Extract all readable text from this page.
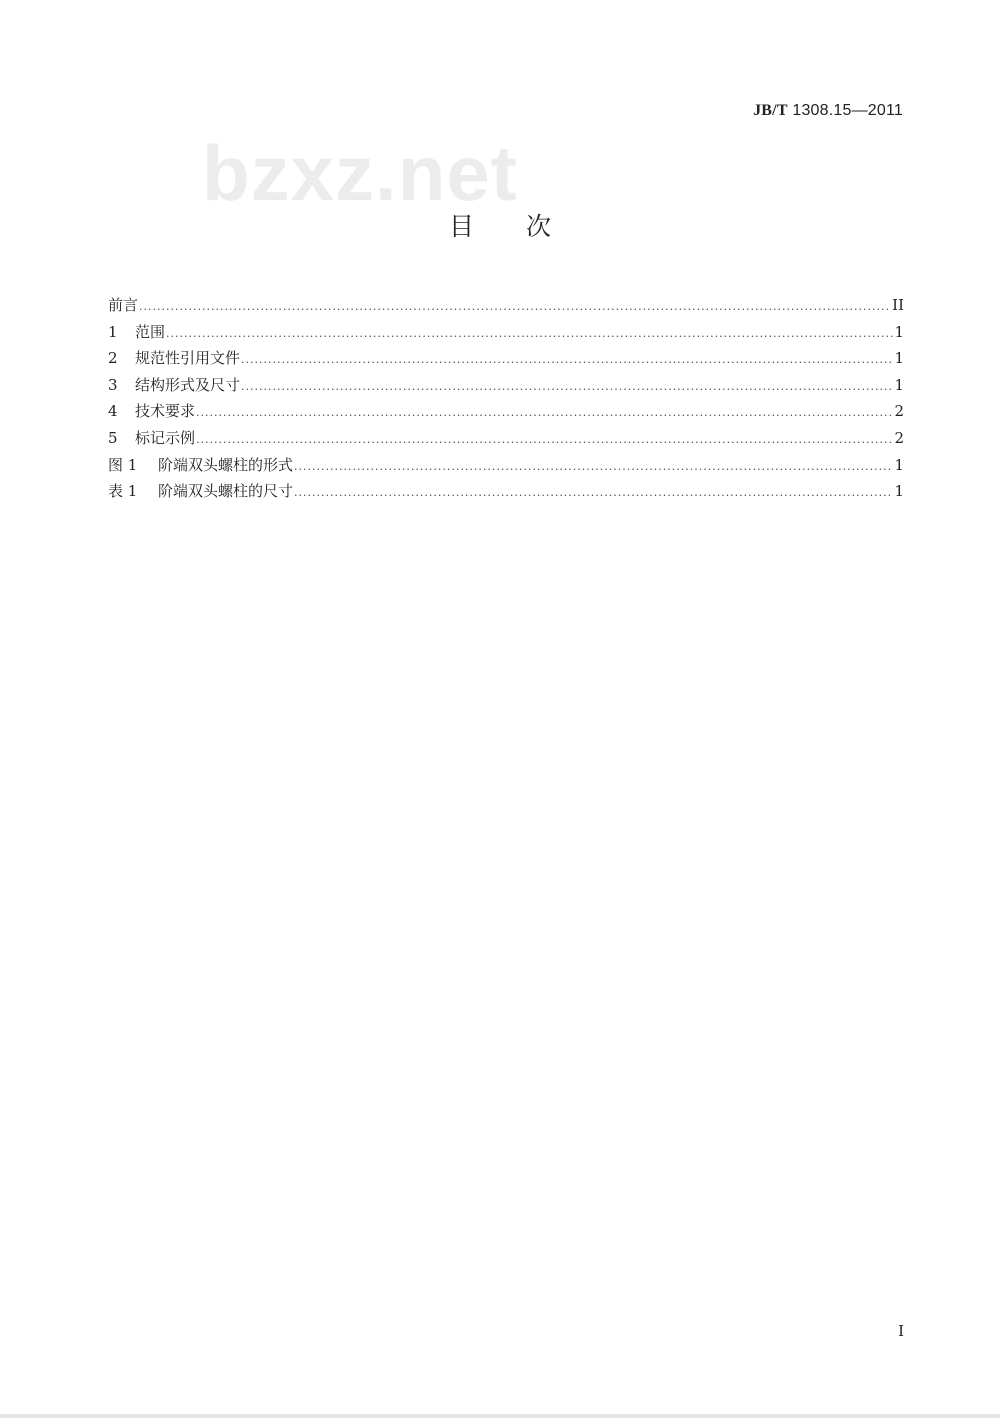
JB/T 1308.15—2011
bzxz.net
目 次
前言 .....	II
1	范围 .....	1
2	规范性引用文件 .....	1
3	结构形式及尺寸 .....	1
4	技术要求 .....	2
5	标记示例 .....	2
图 1	阶端双头螺柱的形式 .....	1
表 1	阶端双头螺柱的尺寸 .....	1
I
